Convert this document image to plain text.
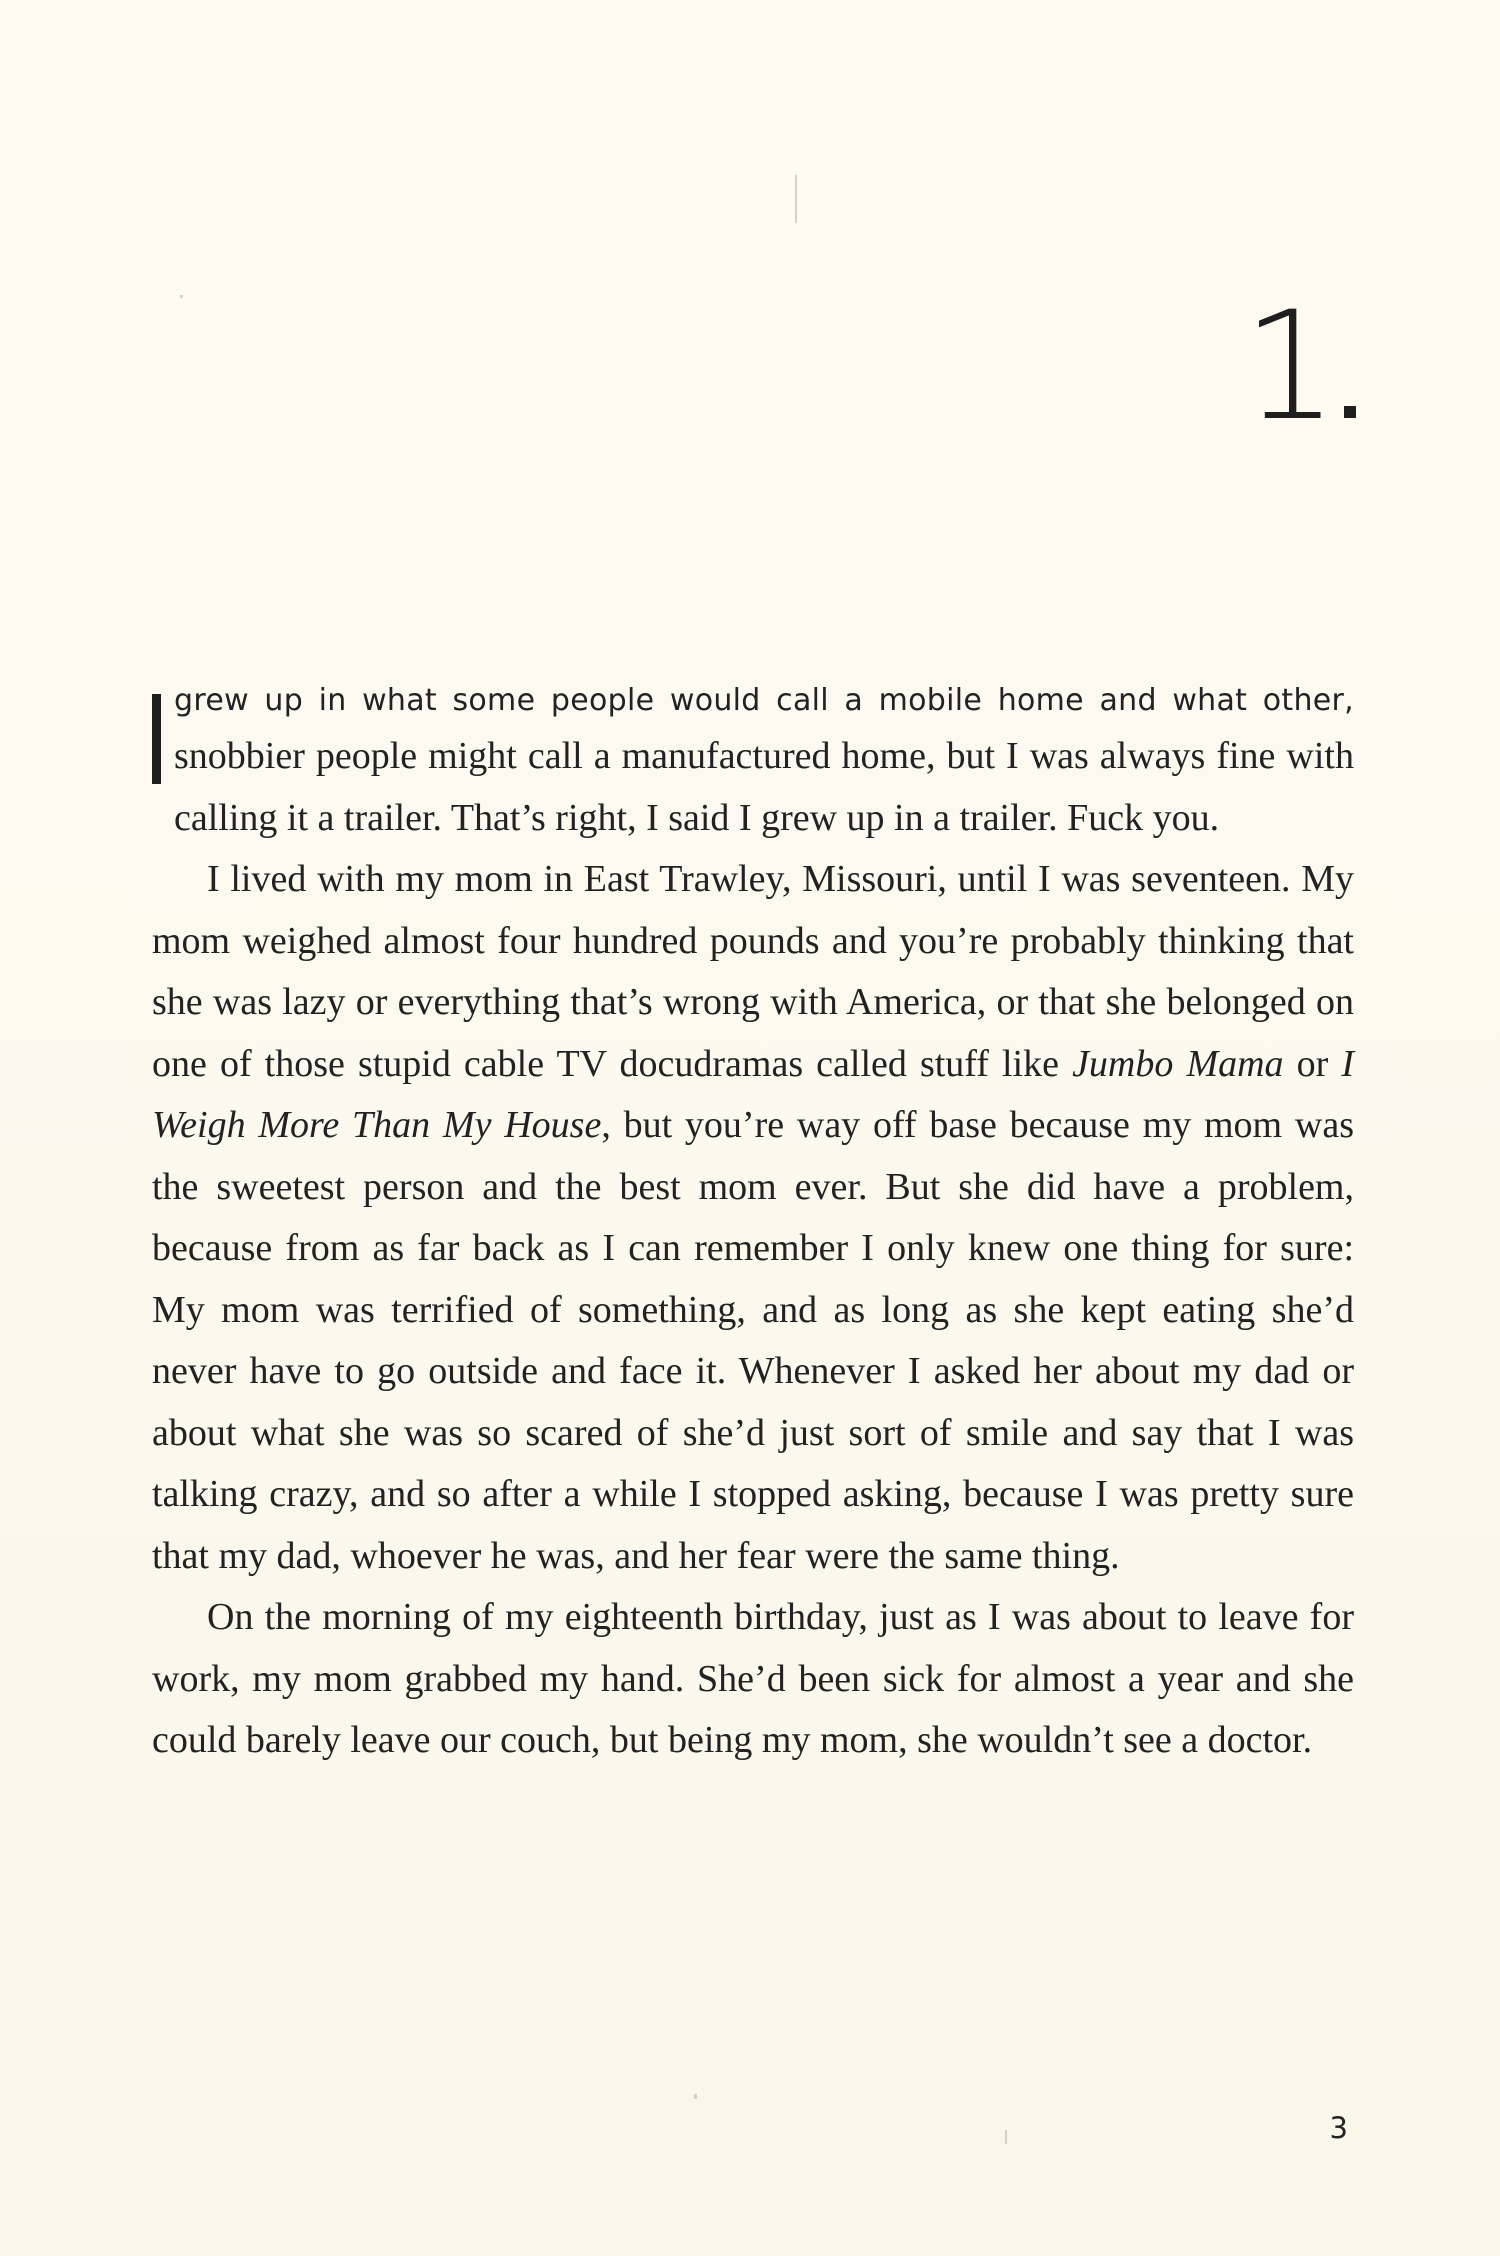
1
grew up in what some people would call a mobile home and what other,
snobbier people might call a manufactured home, but I was always fine with calling it a trailer. That’s right, I said I grew up in a trailer. Fuck you.

I lived with my mom in East Trawley, Missouri, until I was seventeen. My mom weighed almost four hundred pounds and you’re probably thinking that she was lazy or everything that’s wrong with America, or that she belonged on one of those stupid cable TV docudramas called stuff like Jumbo Mama or I Weigh More Than My House, but you’re way off base because my mom was the sweetest person and the best mom ever. But she did have a problem, because from as far back as I can remember I only knew one thing for sure: My mom was terrified of something, and as long as she kept eating she’d never have to go outside and face it. Whenever I asked her about my dad or about what she was so scared of she’d just sort of smile and say that I was talking crazy, and so after a while I stopped asking, because I was pretty sure that my dad, whoever he was, and her fear were the same thing.

On the morning of my eighteenth birthday, just as I was about to leave for work, my mom grabbed my hand. She’d been sick for almost a year and she could barely leave our couch, but being my mom, she wouldn’t see a doctor.

3
